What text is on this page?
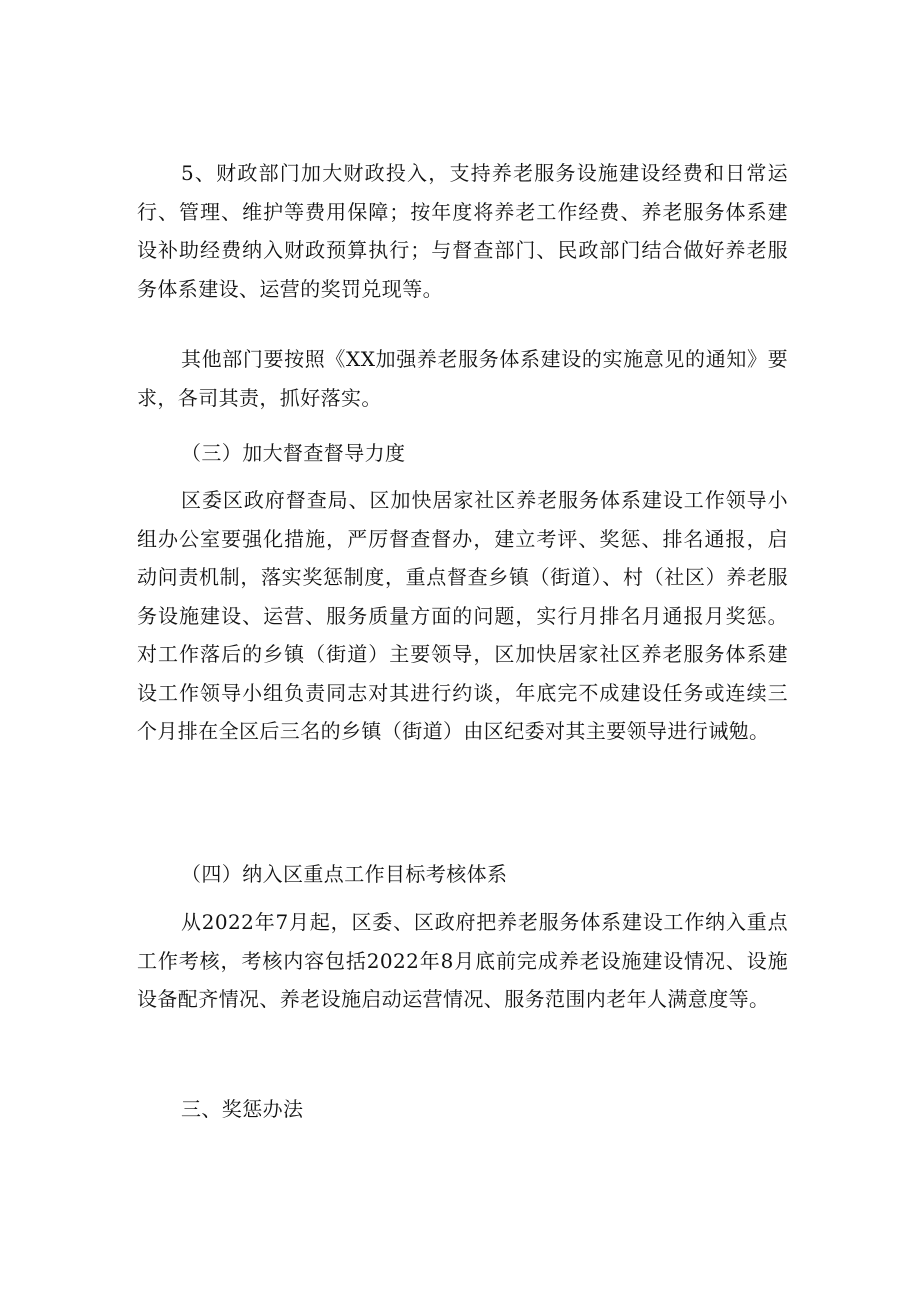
5、财政部门加大财政投入，支持养老服务设施建设经费和日常运行、管理、维护等费用保障；按年度将养老工作经费、养老服务体系建设补助经费纳入财政预算执行；与督查部门、民政部门结合做好养老服务体系建设、运营的奖罚兑现等。

其他部门要按照《XX加强养老服务体系建设的实施意见的通知》要求，各司其责，抓好落实。

（三）加大督查督导力度

区委区政府督查局、区加快居家社区养老服务体系建设工作领导小组办公室要强化措施，严厉督查督办，建立考评、奖惩、排名通报，启动问责机制，落实奖惩制度，重点督查乡镇（街道）、村（社区）养老服务设施建设、运营、服务质量方面的问题，实行月排名月通报月奖惩。对工作落后的乡镇（街道）主要领导，区加快居家社区养老服务体系建设工作领导小组负责同志对其进行约谈，年底完不成建设任务或连续三个月排在全区后三名的乡镇（街道）由区纪委对其主要领导进行诫勉。

（四）纳入区重点工作目标考核体系

从2022年7月起，区委、区政府把养老服务体系建设工作纳入重点工作考核，考核内容包括2022年8月底前完成养老设施建设情况、设施设备配齐情况、养老设施启动运营情况、服务范围内老年人满意度等。

三、奖惩办法
